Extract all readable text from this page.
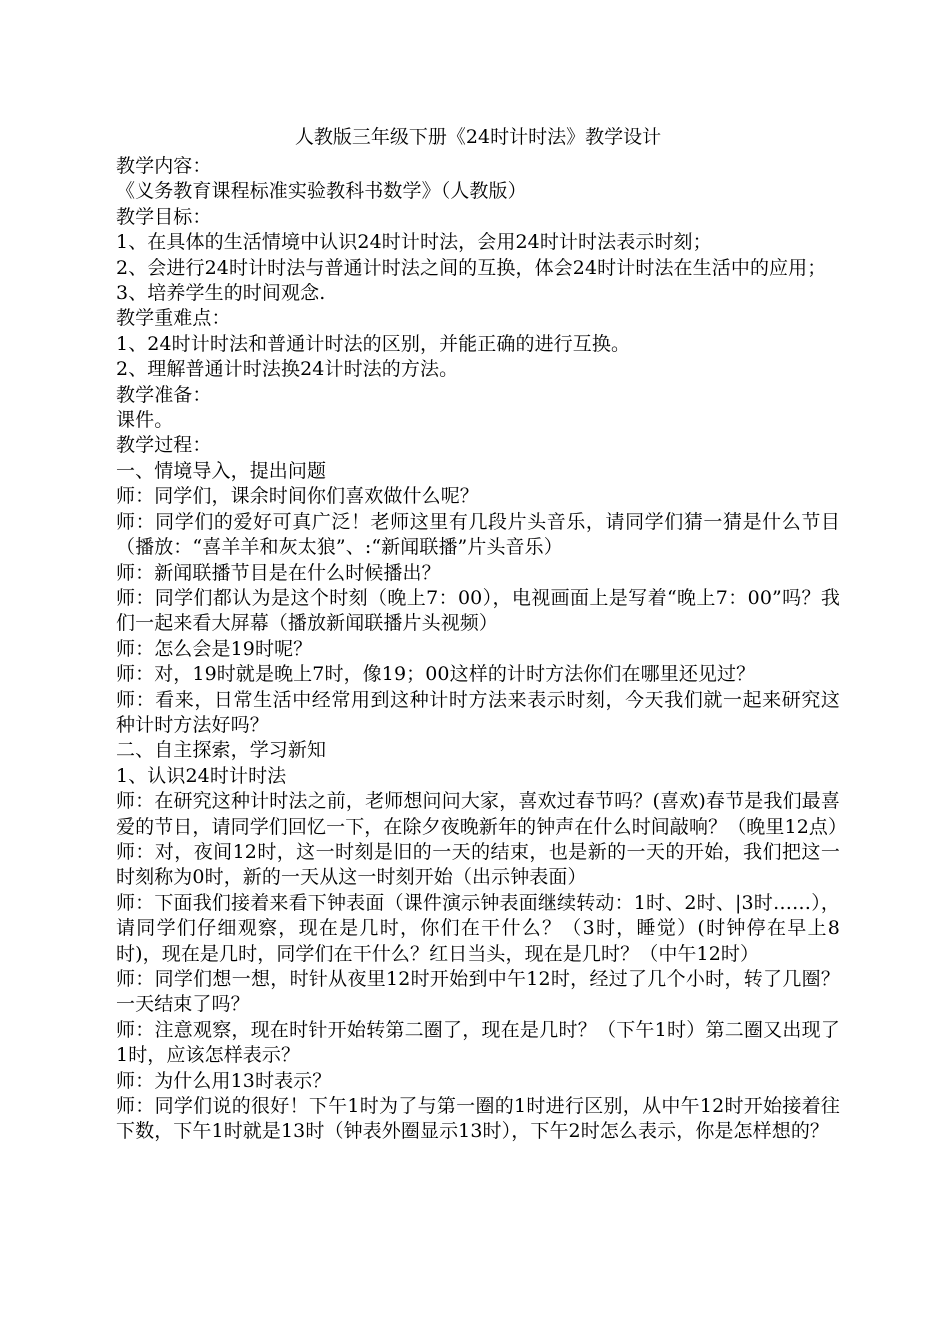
人教版三年级下册《24时计时法》教学设计

教学内容：

《义务教育课程标准实验教科书数学》（人教版）

教学目标：

1、在具体的生活情境中认识24时计时法，会用24时计时法表示时刻；

2、会进行24时计时法与普通计时法之间的互换，体会24时计时法在生活中的应用；

3、培养学生的时间观念.

教学重难点：

1、24时计时法和普通计时法的区别，并能正确的进行互换。

2、理解普通计时法换24计时法的方法。

教学准备：

课件。

教学过程：

一、情境导入，提出问题

师：同学们，课余时间你们喜欢做什么呢？

师：同学们的爱好可真广泛！老师这里有几段片头音乐，请同学们猜一猜是什么节目（播放：“喜羊羊和灰太狼”、:“新闻联播”片头音乐）

师：新闻联播节目是在什么时候播出？

师：同学们都认为是这个时刻（晚上7：00），电视画面上是写着“晚上7：00”吗？我们一起来看大屏幕（播放新闻联播片头视频）

师：怎么会是19时呢？

师：对，19时就是晚上7时，像19；00这样的计时方法你们在哪里还见过？

师：看来，日常生活中经常用到这种计时方法来表示时刻，今天我们就一起来研究这种计时方法好吗？

二、自主探索，学习新知

1、认识24时计时法

师：在研究这种计时法之前，老师想问问大家，喜欢过春节吗？(喜欢)春节是我们最喜爱的节日，请同学们回忆一下，在除夕夜晚新年的钟声在什么时间敲响？（晚里12点）

师：对，夜间12时，这一时刻是旧的一天的结束，也是新的一天的开始，我们把这一时刻称为0时，新的一天从这一时刻开始（出示钟表面）

师：下面我们接着来看下钟表面（课件演示钟表面继续转动：1时、2时、|3时……），请同学们仔细观察，现在是几时，你们在干什么？（3时，睡觉）(时钟停在早上8时)，现在是几时，同学们在干什么？红日当头，现在是几时？（中午12时）

师：同学们想一想，时针从夜里12时开始到中午12时，经过了几个小时，转了几圈？一天结束了吗？

师：注意观察，现在时针开始转第二圈了，现在是几时？（下午1时）第二圈又出现了1时，应该怎样表示？

师：为什么用13时表示？

师：同学们说的很好！下午1时为了与第一圈的1时进行区别，从中午12时开始接着往下数，下午1时就是13时（钟表外圈显示13时），下午2时怎么表示，你是怎样想的？
